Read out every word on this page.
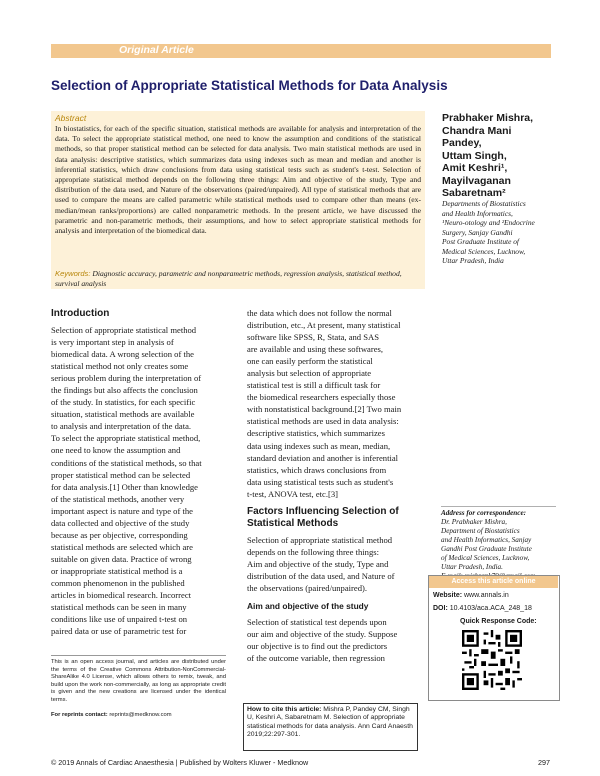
Original Article
Selection of Appropriate Statistical Methods for Data Analysis
Abstract
In biostatistics, for each of the specific situation, statistical methods are available for analysis and interpretation of the data. To select the appropriate statistical method, one need to know the assumption and conditions of the statistical methods, so that proper statistical method can be selected for data analysis. Two main statistical methods are used in data analysis: descriptive statistics, which summarizes data using indexes such as mean and median and another is inferential statistics, which draw conclusions from data using statistical tests such as student's t-test. Selection of appropriate statistical method depends on the following three things: Aim and objective of the study, Type and distribution of the data used, and Nature of the observations (paired/unpaired). All type of statistical methods that are used to compare the means are called parametric while statistical methods used to compare other than means (ex-median/mean ranks/proportions) are called nonparametric methods. In the present article, we have discussed the parametric and non-parametric methods, their assumptions, and how to select appropriate statistical methods for analysis and interpretation of the biomedical data.
Keywords: Diagnostic accuracy, parametric and nonparametric methods, regression analysis, statistical method, survival analysis
Prabhaker Mishra,
Chandra Mani
Pandey,
Uttam Singh,
Amit Keshri¹,
Mayilvaganan
Sabaretnam²
Departments of Biostatistics
and Health Informatics,
¹Neuro-otology and ²Endocrine
Surgery, Sanjay Gandhi
Post Graduate Institute of
Medical Sciences, Lucknow,
Uttar Pradesh, India
Introduction
Selection of appropriate statistical method
is very important step in analysis of
biomedical data. A wrong selection of the
statistical method not only creates some
serious problem during the interpretation of
the findings but also affects the conclusion
of the study. In statistics, for each specific
situation, statistical methods are available
to analysis and interpretation of the data.
To select the appropriate statistical method,
one need to know the assumption and
conditions of the statistical methods, so that
proper statistical method can be selected
for data analysis.[1] Other than knowledge
of the statistical methods, another very
important aspect is nature and type of the
data collected and objective of the study
because as per objective, corresponding
statistical methods are selected which are
suitable on given data. Practice of wrong
or inappropriate statistical method is a
common phenomenon in the published
articles in biomedical research. Incorrect
statistical methods can be seen in many
conditions like use of unpaired t-test on
paired data or use of parametric test for
the data which does not follow the normal
distribution, etc., At present, many statistical
software like SPSS, R, Stata, and SAS
are available and using these softwares,
one can easily perform the statistical
analysis but selection of appropriate
statistical test is still a difficult task for
the biomedical researchers especially those
with nonstatistical background.[2] Two main
statistical methods are used in data analysis:
descriptive statistics, which summarizes
data using indexes such as mean, median,
standard deviation and another is inferential
statistics, which draws conclusions from
data using statistical tests such as student's
t-test, ANOVA test, etc.[3]
Factors Influencing Selection of
Statistical Methods
Selection of appropriate statistical method
depends on the following three things:
Aim and objective of the study, Type and
distribution of the data used, and Nature of
the observations (paired/unpaired).
Aim and objective of the study
Selection of statistical test depends upon
our aim and objective of the study. Suppose
our objective is to find out the predictors
of the outcome variable, then regression
Address for correspondence:
Dr. Prabhaker Mishra,
Department of Biostatistics
and Health Informatics, Sanjay
Gandhi Post Graduate Institute
of Medical Sciences, Lucknow,
Uttar Pradesh, India.
Access this article online
Website: www.annals.in
DOI: 10.4103/aca.ACA_248_18
Quick Response Code:
This is an open access journal, and articles are distributed under the terms of the Creative Commons Attribution-NonCommercial-ShareAlike 4.0 License, which allows others to remix, tweak, and build upon the work non-commercially, as long as appropriate credit is given and the new creations are licensed under the identical terms.
For reprints contact: reprints@medknow.com
How to cite this article: Mishra P, Pandey CM, Singh U, Keshri A, Sabaretnam M. Selection of appropriate statistical methods for data analysis. Ann Card Anaesth 2019;22:297-301.
© 2019 Annals of Cardiac Anaesthesia | Published by Wolters Kluwer - Medknow	297
